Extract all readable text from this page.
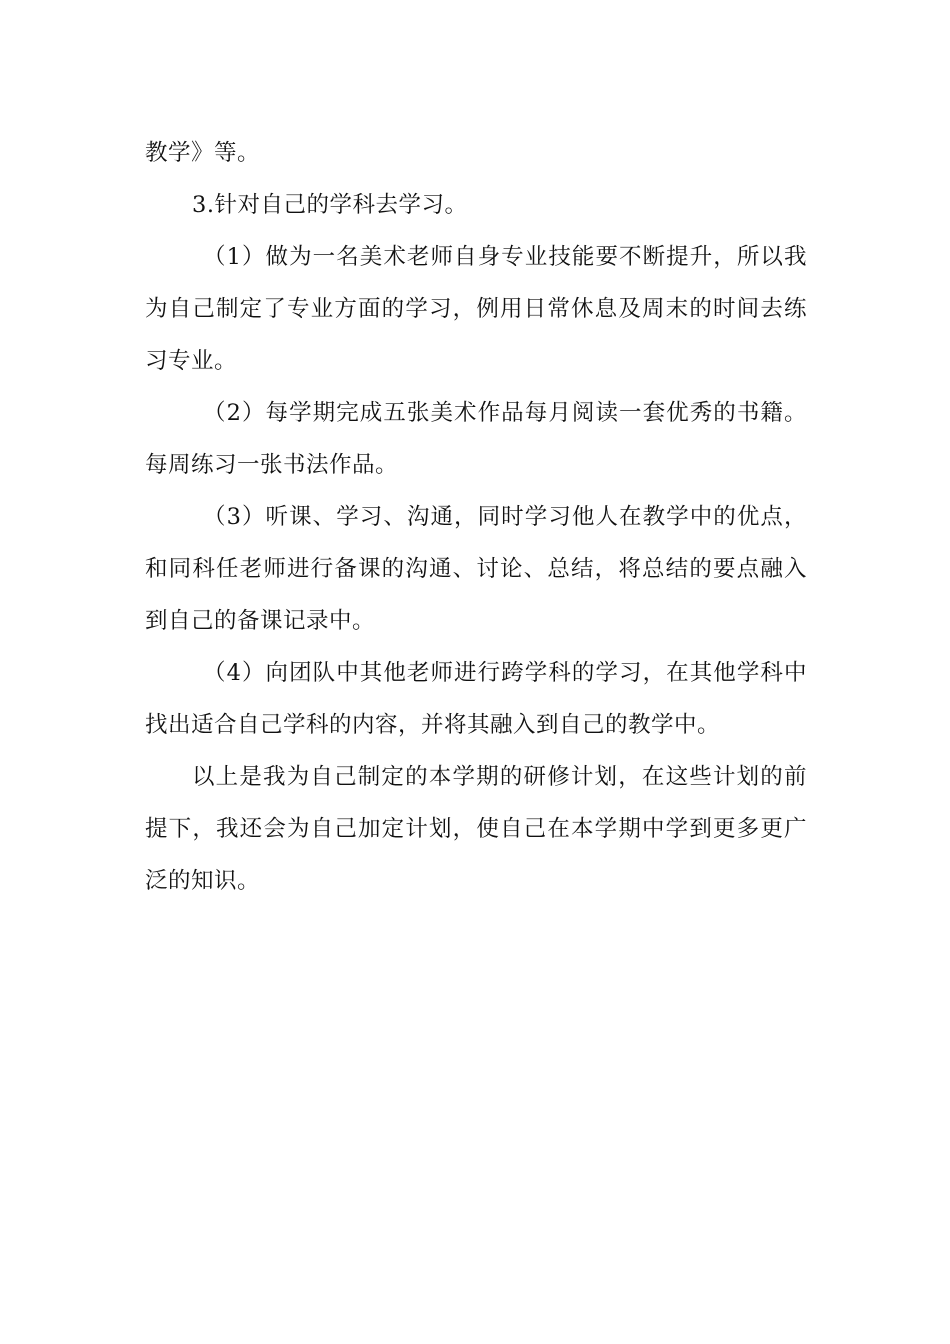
教学》等。

3.针对自己的学科去学习。

（1）做为一名美术老师自身专业技能要不断提升，所以我为自己制定了专业方面的学习，例用日常休息及周末的时间去练习专业。

（2）每学期完成五张美术作品每月阅读一套优秀的书籍。每周练习一张书法作品。

（3）听课、学习、沟通，同时学习他人在教学中的优点，和同科任老师进行备课的沟通、讨论、总结，将总结的要点融入到自己的备课记录中。

（4）向团队中其他老师进行跨学科的学习，在其他学科中找出适合自己学科的内容，并将其融入到自己的教学中。

以上是我为自己制定的本学期的研修计划，在这些计划的前提下，我还会为自己加定计划，使自己在本学期中学到更多更广泛的知识。
